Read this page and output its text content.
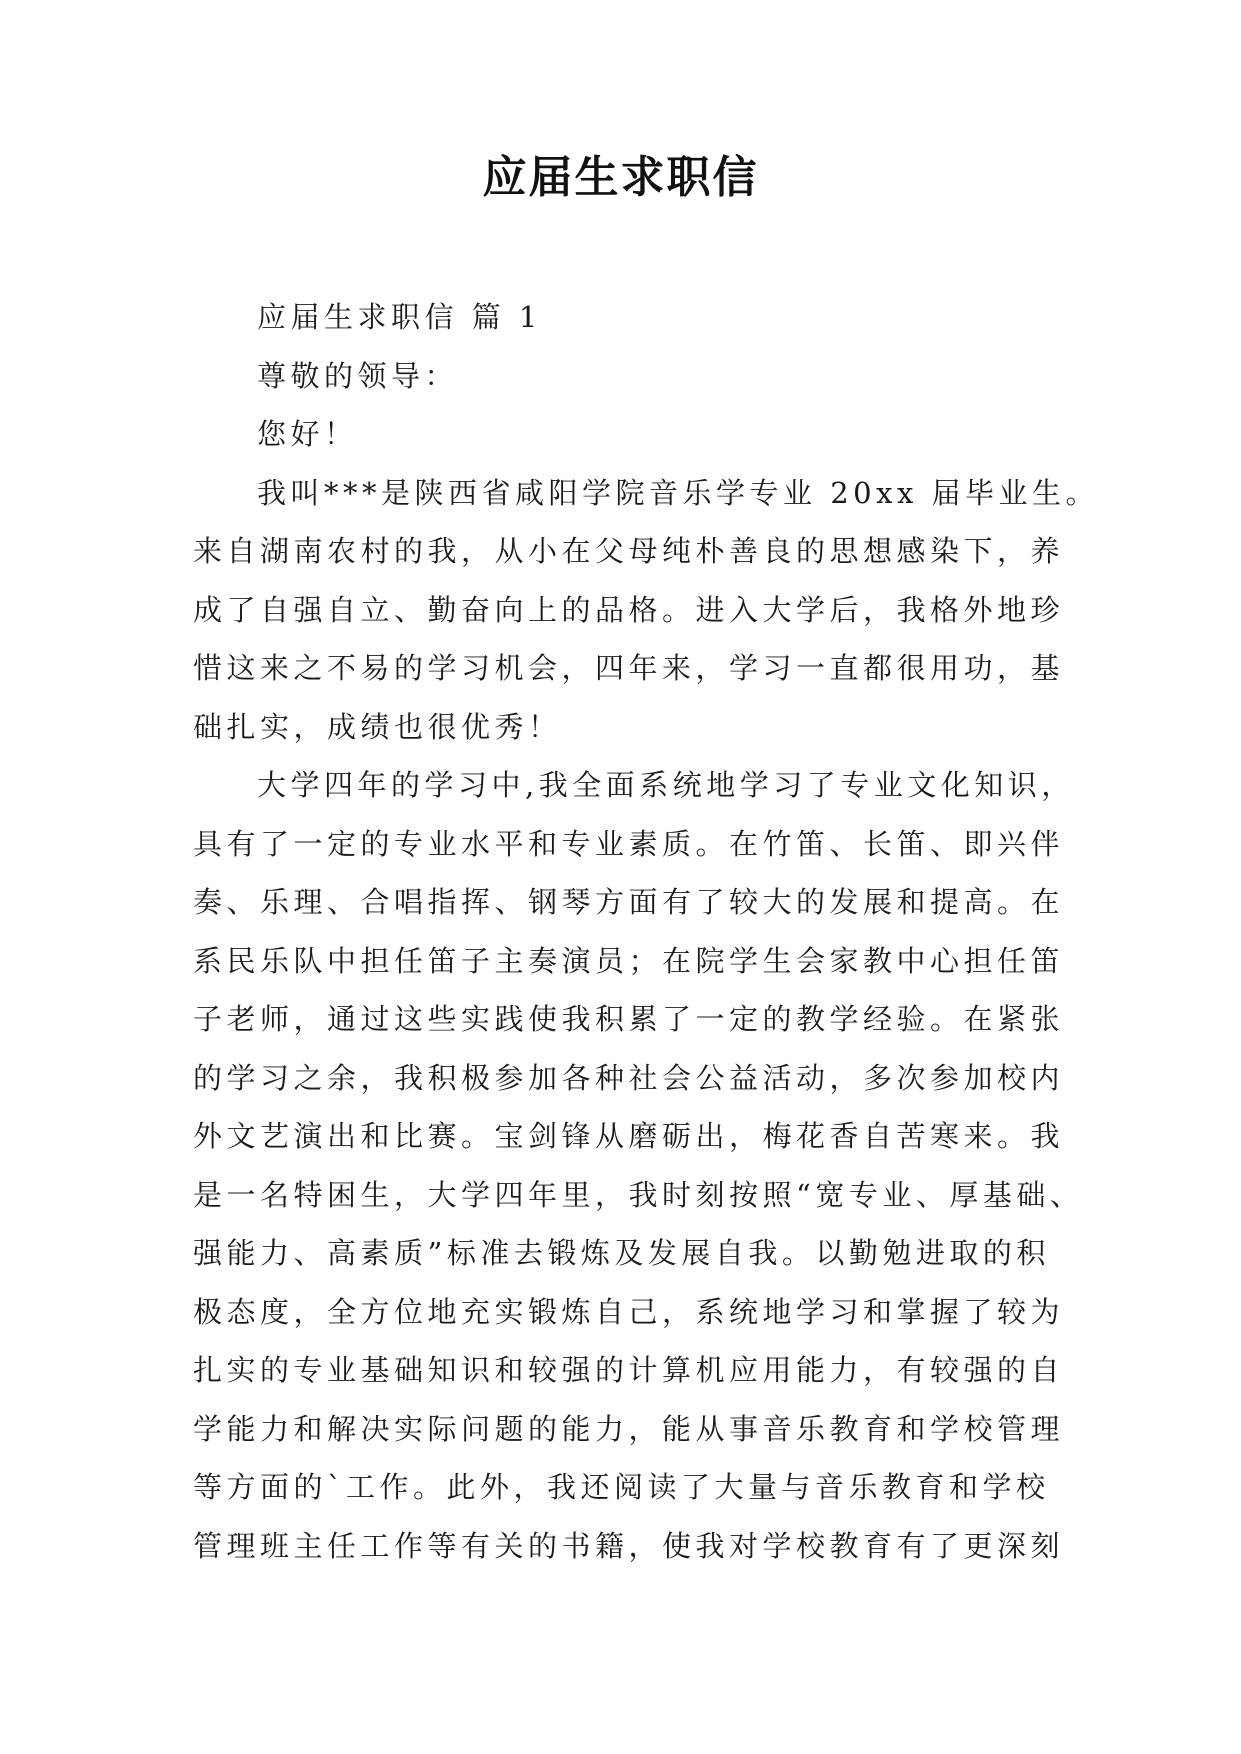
应届生求职信
应届生求职信 篇 1
尊敬的领导：
您好！
我叫***是陕西省咸阳学院音乐学专业 20xx 届毕业生。
来自湖南农村的我，从小在父母纯朴善良的思想感染下，养
成了自强自立、勤奋向上的品格。进入大学后，我格外地珍
惜这来之不易的学习机会，四年来，学习一直都很用功，基
础扎实，成绩也很优秀！
大学四年的学习中,我全面系统地学习了专业文化知识，
具有了一定的专业水平和专业素质。在竹笛、长笛、即兴伴
奏、乐理、合唱指挥、钢琴方面有了较大的发展和提高。在
系民乐队中担任笛子主奏演员；在院学生会家教中心担任笛
子老师，通过这些实践使我积累了一定的教学经验。在紧张
的学习之余，我积极参加各种社会公益活动，多次参加校内
外文艺演出和比赛。宝剑锋从磨砺出，梅花香自苦寒来。我
是一名特困生，大学四年里，我时刻按照“宽专业、厚基础、
强能力、高素质”标准去锻炼及发展自我。以勤勉进取的积
极态度，全方位地充实锻炼自己，系统地学习和掌握了较为
扎实的专业基础知识和较强的计算机应用能力，有较强的自
学能力和解决实际问题的能力，能从事音乐教育和学校管理
等方面的`工作。此外，我还阅读了大量与音乐教育和学校
管理班主任工作等有关的书籍，使我对学校教育有了更深刻
